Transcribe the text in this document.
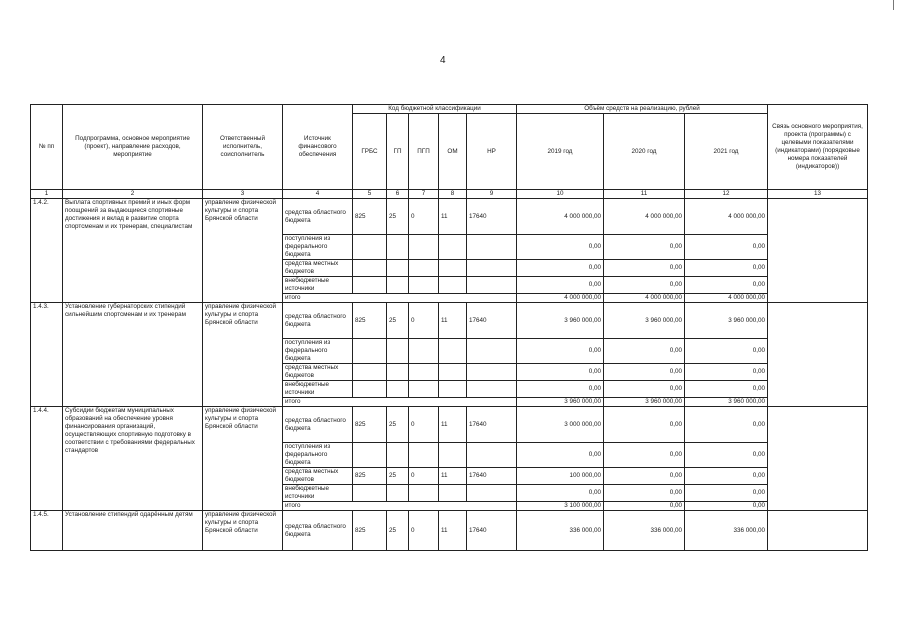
4
№ пп	Подпрограмма, основное мероприятие (проект), направление расходов, мероприятие	Ответственный исполнитель, соисполнитель	Источник финансового обеспечения	Код бюджетной классификации					Объём средств на реализацию, рублей			Связь основного мероприятия, проекта (программы) с целевыми показателями (индикаторами) (порядковые номера показателей (индикаторов))
				ГРБС	ГП	ПГП	ОМ	НР	2019 год	2020 год	2021 год	
1	2	3	4	5	6	7	8	9	10	11	12	13
1.4.2.	Выплата спортивных премий и иных форм поощрений за выдающиеся спортивные достижения и вклад в развитие спорта спортсменам и их тренерам, специалистам	управление физической культуры и спорта Брянской области	средства областного бюджета	825	25	0	11	17640	4 000 000,00	4 000 000,00	4 000 000,00	
			поступления из федерального бюджета						0,00	0,00	0,00	
			средства местных бюджетов						0,00	0,00	0,00	
			внебюджетные источники						0,00	0,00	0,00	
			итого						4 000 000,00	4 000 000,00	4 000 000,00	
1.4.3.	Установление губернаторских стипендий сильнейшим спортсменам и их тренерам	управление физической культуры и спорта Брянской области	средства областного бюджета	825	25	0	11	17640	3 960 000,00	3 960 000,00	3 960 000,00	
			поступления из федерального бюджета						0,00	0,00	0,00	
			средства местных бюджетов						0,00	0,00	0,00	
			внебюджетные источники						0,00	0,00	0,00	
			итого						3 960 000,00	3 960 000,00	3 960 000,00	
1.4.4.	Субсидии бюджетам муниципальных образований на обеспечение уровня финансирования организаций, осуществляющих спортивную подготовку в соответствии с требованиями федеральных стандартов	управление физической культуры и спорта Брянской области	средства областного бюджета	825	25	0	11	17640	3 000 000,00	0,00	0,00	
			поступления из федерального бюджета						0,00	0,00	0,00	
			средства местных бюджетов	825	25	0	11	17640	100 000,00	0,00	0,00	
			внебюджетные источники						0,00	0,00	0,00	
			итого						3 100 000,00	0,00	0,00	
1.4.5.	Установление стипендий одарённым детям	управление физической культуры и спорта Брянской области	средства областного бюджета	825	25	0	11	17640	336 000,00	336 000,00	336 000,00	
